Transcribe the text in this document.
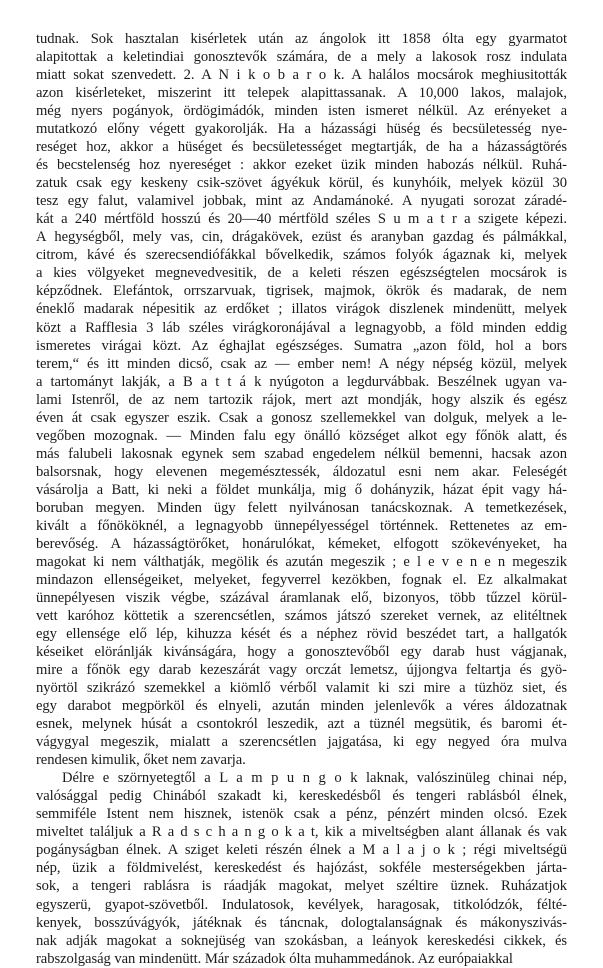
tudnak. Sok hasztalan kisérletek után az ángolok itt 1858 ólta egy gyarmatot
alapitottak a keletindiai gonosztevők számára, de a mely a lakosok rosz indulata
miatt sokat szenvedett. 2. A N i k o b a r o k. A halálos mocsárok meghiusitották
azon kisérleteket, miszerint itt telepek alapittassanak. A 10,000 lakos, malajok,
még nyers pogányok, ördögimádók, minden isten ismeret nélkül. Az erényeket a
mutatkozó előny végett gyakorolják. Ha a házassági hüség és becsületesség nye-
reséget hoz, akkor a hüséget és becsületességet megtartják, de ha a házasságtörés
és becstelenség hoz nyereséget : akkor ezeket üzik minden habozás nélkül. Ruhá-
zatuk csak egy keskeny csik-szövet ágyékuk körül, és kunyhóik, melyek közül 30
tesz egy falut, valamivel jobbak, mint az Andamánoké. A nyugati sorozat záradé-
kát a 240 mértföld hosszú és 20—40 mértföld széles S u m a t r a szigete képezi.
A hegységből, mely vas, cin, drágakövek, ezüst és aranyban gazdag és pálmákkal,
citrom, kávé és szerecsendiófákkal bővelkedik, számos folyók ágaznak ki, melyek
a kies völgyeket megnevedvesitik, de a keleti részen egészségtelen mocsárok is
képződnek. Elefántok, orrszarvuak, tigrisek, majmok, ökrök és madarak, de nem
éneklő madarak népesitik az erdőket ; illatos virágok diszlenek mindenütt, melyek
közt a Rafflesia 3 láb széles virágkoronájával a legnagyobb, a föld minden eddig
ismeretes virágai közt. Az éghajlat egészséges. Sumatra „azon föld, hol a bors
terem,“ és itt minden dicső, csak az — ember nem! A négy népség közül, melyek
a tartományt lakják, a B a t t á k nyúgoton a legdurvábbak. Beszélnek ugyan va-
lami Istenről, de az nem tartozik rájok, mert azt mondják, hogy alszik és egész
éven át csak egyszer eszik. Csak a gonosz szellemekkel van dolguk, melyek a le-
vegőben mozognak. — Minden falu egy önálló községet alkot egy főnök alatt, és
más falubeli lakosnak egynek sem szabad engedelem nélkül bemenni, hacsak azon
balsorsnak, hogy elevenen megemésztessék, áldozatul esni nem akar. Feleségét
vásárolja a Batt, ki neki a földet munkálja, mig ő dohányzik, házat épit vagy há-
boruban megyen. Minden ügy felett nyilvánosan tanácskoznak. A temetkezések,
kivált a főnököknél, a legnagyobb ünnepélyességel történnek. Rettenetes az em-
berevőség. A házasságtörőket, honárulókat, kémeket, elfogott szökevényeket, ha
magokat ki nem válthatják, megölik és azután megeszik ; e l e v e n e n megeszik
mindazon ellenségeiket, melyeket, fegyverrel kezökben, fognak el. Ez alkalmakat
ünnepélyesen viszik végbe, százával áramlanak elő, bizonyos, több tűzzel körül-
vett karóhoz köttetik a szerencsétlen, számos játszó szereket vernek, az elitéltnek
egy ellensége elő lép, kihuzza kését és a néphez rövid beszédet tart, a hallgatók
késeiket elöránlják kivánságára, hogy a gonosztevőből egy darab hust vágjanak,
mire a főnök egy darab kezeszárát vagy orczát lemetsz, újjongva feltartja és gyö-
nyörtöl szikrázó szemekkel a kiömlő vérből valamit ki szi mire a tüzhöz siet, és
egy darabot megpörköl és elnyeli, azután minden jelenlevők a véres áldozatnak
esnek, melynek húsát a csontokról leszedik, azt a tüznél megsütik, és baromi ét-
vágygyal megeszik, mialatt a szerencsétlen jajgatása, ki egy negyed óra mulva
rendesen kimulik, őket nem zavarja.
Délre e szörnyetegtől a L a m p u n g o k laknak, valószinüleg chinai nép,
valósággal pedig Chinából szakadt ki, kereskedésből és tengeri rablásból élnek,
semmiféle Istent nem hisznek, istenök csak a pénz, pénzért minden olcsó. Ezek
miveltet találjuk a R a d s c h a n g o k a t, kik a miveltségben alant állanak és vak
pogányságban élnek. A sziget keleti részén élnek a M a l a j o k ; régi miveltségü
nép, üzik a földmivelést, kereskedést és hajózást, sokféle mesterségekben járta-
sok, a tengeri rablásra is ráadják magokat, melyet széltire üznek. Ruházatjok
egyszerü, gyapot-szövetből. Indulatosok, kevélyek, haragosak, titkolódzók, félté-
kenyek, bosszúvágyók, játéknak és táncnak, dologtalanságnak és mákonyszivás-
nak adják magokat a soknejüség van szokásban, a leányok kereskedési cikkek, és
rabszolgaság van mindenütt. Már századok ólta muhammedánok. Az európaiakkal
